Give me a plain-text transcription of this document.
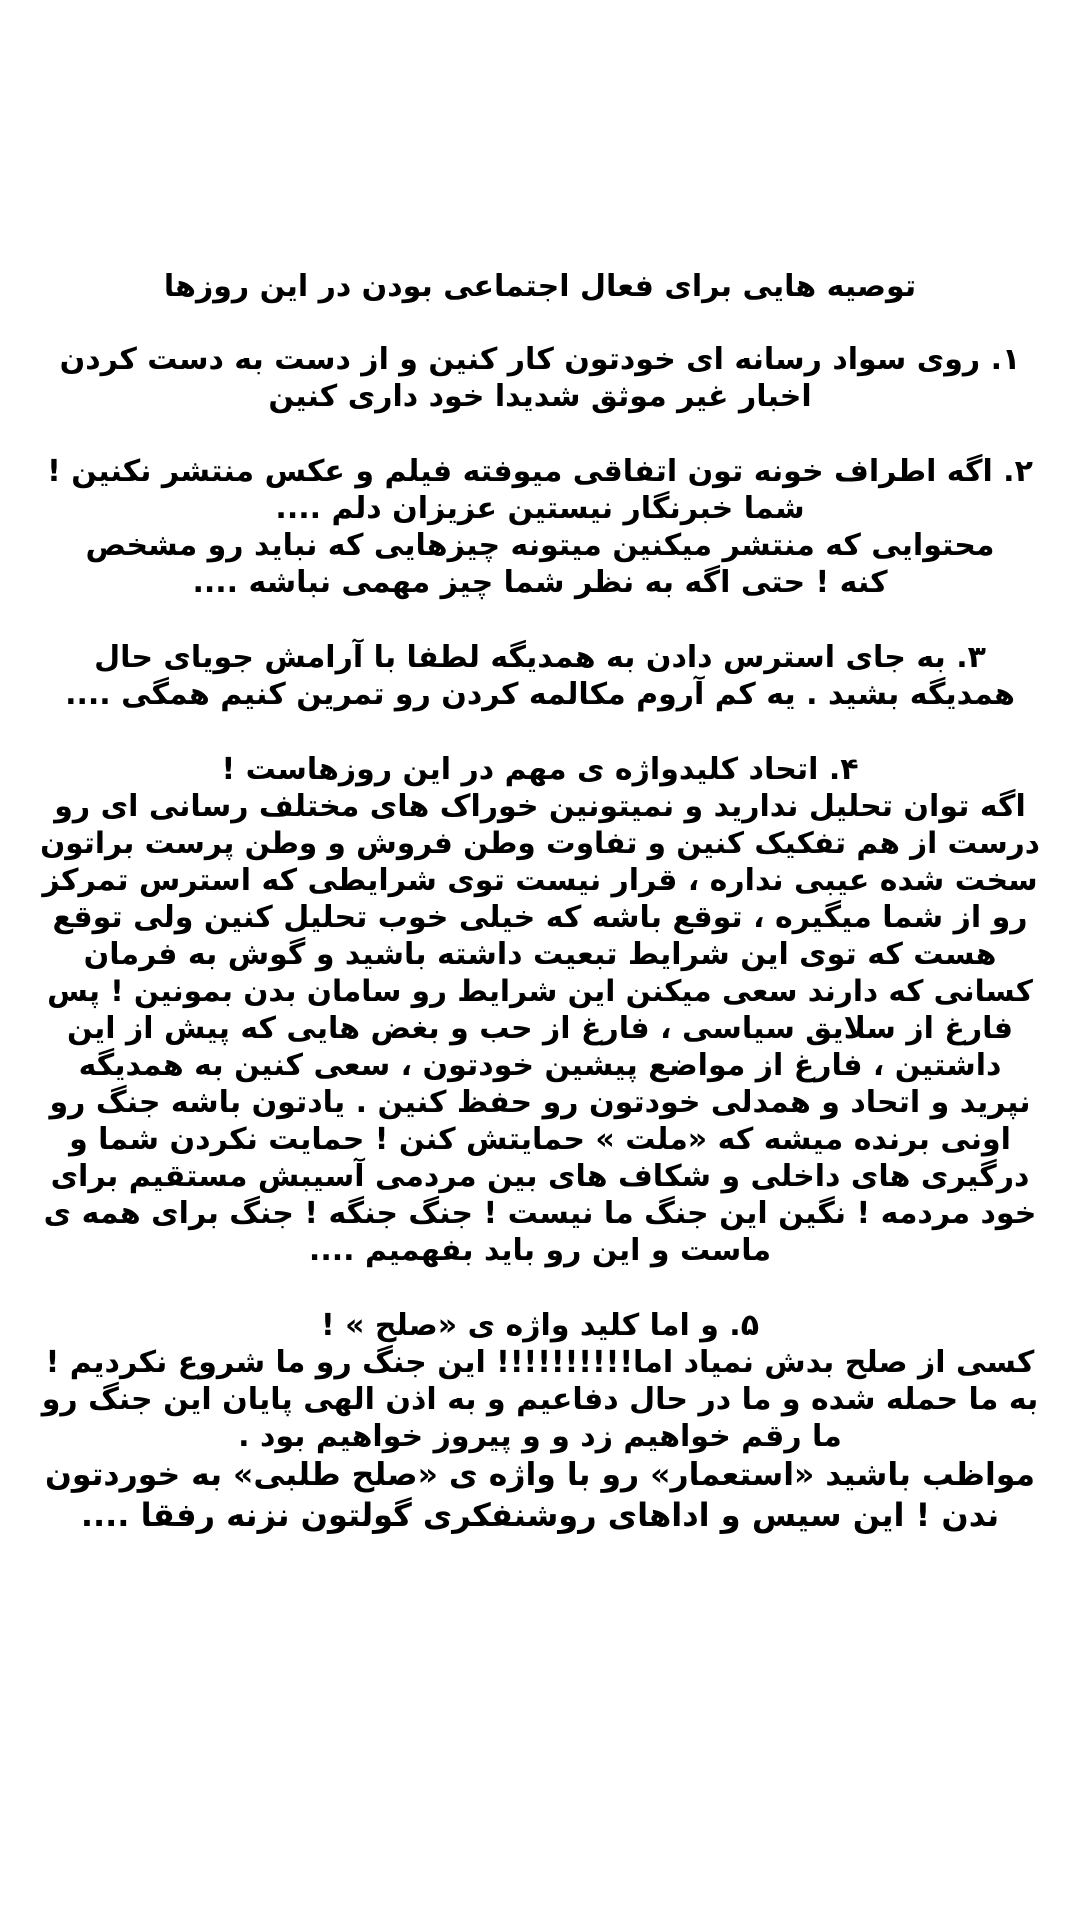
توصیه هایی برای فعال اجتماعی بودن در این روزها
۱. روی سواد رسانه ای خودتون کار کنین و از دست به دست کردن
اخبار غیر موثق شدیدا خود داری کنین
۲. اگه اطراف خونه تون اتفاقی میوفته فیلم و عکس منتشر نکنین !
شما خبرنگار نیستین عزیزان دلم ....
محتوایی که منتشر میکنین میتونه چیزهایی که نباید رو مشخص
کنه ! حتی اگه به نظر شما چیز مهمی نباشه ....
۳. به جای استرس دادن به همدیگه لطفا با آرامش جویای حال
همدیگه بشید . یه کم آروم مکالمه کردن رو تمرین کنیم همگی ....
۴. اتحاد کلیدواژه ی مهم در این روزهاست !
اگه توان تحلیل ندارید و نمیتونین خوراک های مختلف رسانی ای رو
درست از هم تفکیک کنین و تفاوت وطن فروش و وطن پرست براتون
سخت شده عیبی نداره ، قرار نیست توی شرایطی که استرس تمرکز
رو از شما میگیره ، توقع باشه که خیلی خوب تحلیل کنین ولی توقع
هست که توی این شرایط تبعیت داشته باشید و گوش به فرمان
کسانی که دارند سعی میکنن این شرایط رو سامان بدن بمونین ! پس
فارغ از سلایق سیاسی ، فارغ از حب و بغض هایی که پیش از این
داشتین ، فارغ از مواضع پیشین خودتون ، سعی کنین به همدیگه
نپرید و اتحاد و همدلی خودتون رو حفظ کنین . یادتون باشه جنگ رو
اونی برنده میشه که «ملت » حمایتش کنن ! حمایت نکردن شما و
درگیری های داخلی و شکاف های بین مردمی آسیبش مستقیم برای
خود مردمه ! نگین این جنگ ما نیست ! جنگ جنگه ! جنگ برای همه ی
ماست و این رو باید بفهمیم ....
۵. و اما کلید واژه ی «صلح » !
کسی از صلح بدش نمیاد اما!!!!!!!!!! این جنگ رو ما شروع نکردیم !
به ما حمله شده و ما در حال دفاعیم و به اذن الهی پایان این جنگ رو
ما رقم خواهیم زد و و پیروز خواهیم بود .
مواظب باشید «استعمار» رو با واژه ی «صلح طلبی» به خوردتون
ندن ! این سیس و اداهای روشنفکری گولتون نزنه رفقا ....
